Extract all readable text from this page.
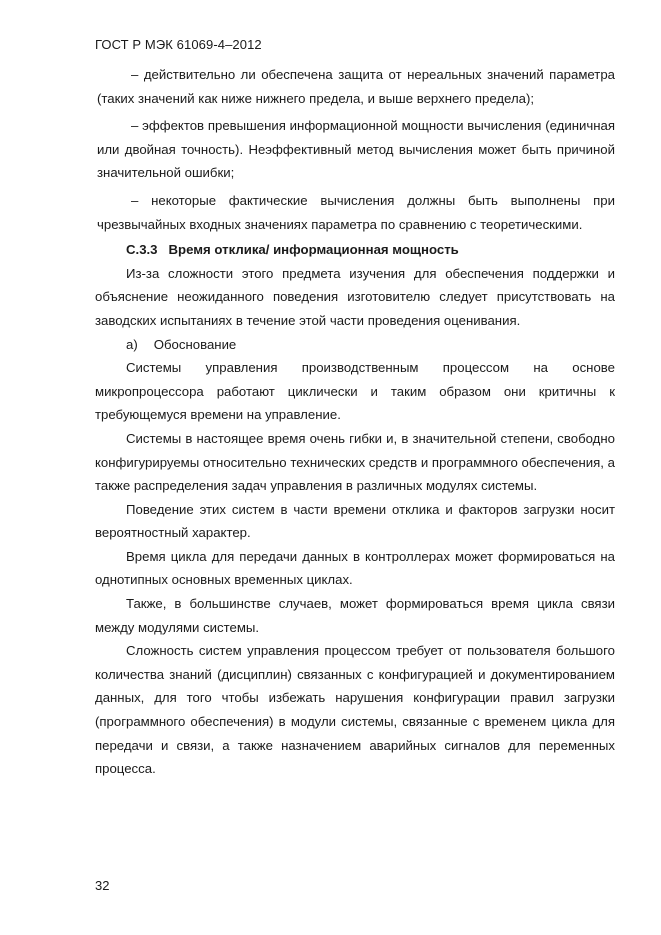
ГОСТ Р МЭК 61069-4–2012

– действительно ли обеспечена защита от нереальных значений параметра (таких значений как ниже нижнего предела, и выше верхнего предела);

– эффектов превышения информационной мощности вычисления (единичная или двойная точность). Неэффективный метод вычисления может быть причиной значительной ошибки;

– некоторые фактические вычисления должны быть выполнены при чрезвычайных входных значениях параметра по сравнению с теоретическими.

C.3.3 Время отклика/ информационная мощность

Из-за сложности этого предмета изучения для обеспечения поддержки и объяснение неожиданного поведения изготовителю следует присутствовать на заводских испытаниях в течение этой части проведения оценивания.

а) Обоснование

Системы управления производственным процессом на основе микропроцессора работают циклически и таким образом они критичны к требующемуся времени на управление.

Системы в настоящее время очень гибки и, в значительной степени, свободно конфигурируемы относительно технических средств и программного обеспечения, а также распределения задач управления в различных модулях системы.

Поведение этих систем в части времени отклика и факторов загрузки носит вероятностный характер.

Время цикла для передачи данных в контроллерах может формироваться на однотипных основных временных циклах.

Также, в большинстве случаев, может формироваться время цикла связи между модулями системы.

Сложность систем управления процессом требует от пользователя большого количества знаний (дисциплин) связанных с конфигурацией и документированием данных, для того чтобы избежать нарушения конфигурации правил загрузки (программного обеспечения) в модули системы, связанные с временем цикла для передачи и связи, а также назначением аварийных сигналов для переменных процесса.

32
